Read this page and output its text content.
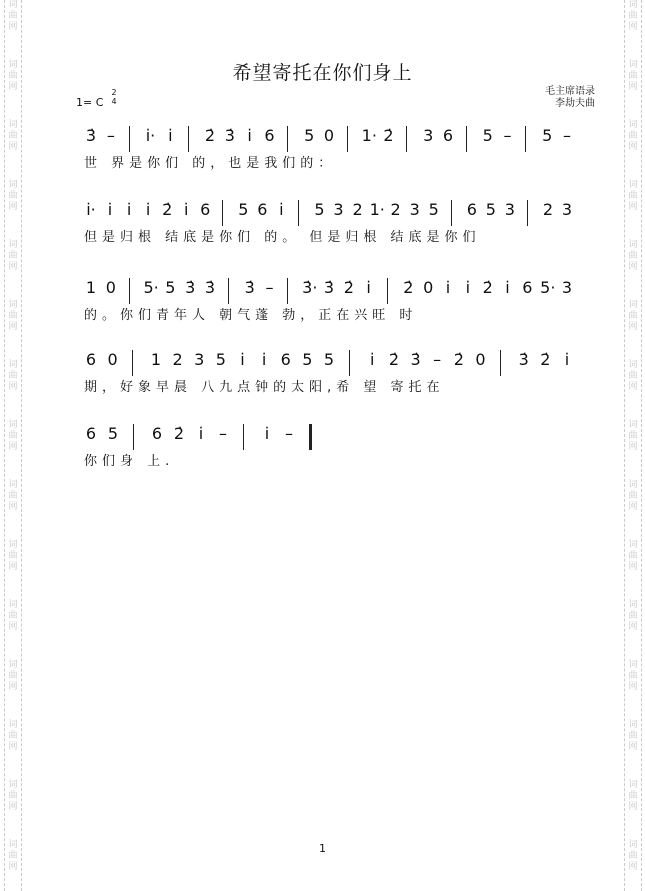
词
曲
网
词
曲
网
词
曲
网
词
曲
网
词
曲
网
词
曲
网
词
曲
网
词
曲
网
词
曲
网
词
曲
网
词
曲
网
词
曲
网
词
曲
网
词
曲
网
词
曲
网
词
曲
网
词
曲
网
词
曲
网
词
曲
网
词
曲
网
词
曲
网
词
曲
网
词
曲
网
词
曲
网
词
曲
网
词
曲
网
词
曲
网
词
曲
网
词
曲
网
词
曲
网
希望寄托在你们身上
毛主席语录
李劫夫曲
1= C
2
4
3̇ – i̇· i̇ 2̇ 3̇ i̇ 6 5 0 1· 2̇ 3 6 5 – 5 –
世 界是你们 的，也是我们的：
i̇· i̇ i̇ i̇ 2̇ i̇ 6 5 6 i̇ 5 3 2 1· 2 3 5 6 5 3 2 3
但是归根 结底是你们 的。 但是归根 结底是你们
1 0 5· 5 3̇ 3̇ 3̇ – 3̇· 3̇ 2̇ i̇ 2̇ 0 i̇ i̇ 2̇ i̇ 6 5· 3
的。你们青年人 朝气蓬 勃，正在兴旺 时
6 0 1 2 3 5 i̇ i̇ 6 5 5 i̇ 2̇ 3̇ – 2̇ 0 3̇ 2̇ i̇
期，好象早晨 八九点钟的太阳,希 望 寄托在
6 5 6 2̇ i̇ – i̇ –
你们身 上.
1
